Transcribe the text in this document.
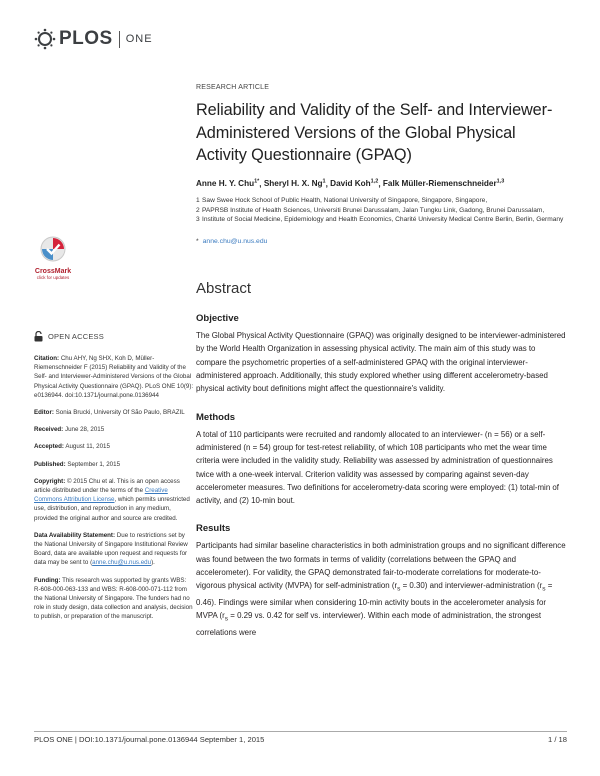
PLOS ONE
CrossMark
click for updates
OPEN ACCESS
Citation: Chu AHY, Ng SHX, Koh D, Müller-Riemenschneider F (2015) Reliability and Validity of the Self- and Interviewer-Administered Versions of the Global Physical Activity Questionnaire (GPAQ). PLoS ONE 10(9): e0136944. doi:10.1371/journal.pone.0136944
Editor: Sonia Brucki, University Of São Paulo, BRAZIL
Received: June 28, 2015
Accepted: August 11, 2015
Published: September 1, 2015
Copyright: © 2015 Chu et al. This is an open access article distributed under the terms of the Creative Commons Attribution License, which permits unrestricted use, distribution, and reproduction in any medium, provided the original author and source are credited.
Data Availability Statement: Due to restrictions set by the National University of Singapore Institutional Review Board, data are available upon request and requests for data may be sent to (anne.chu@u.nus.edu).
Funding: This research was supported by grants WBS: R-608-000-063-133 and WBS: R-608-000-071-112 from the National University of Singapore. The funders had no role in study design, data collection and analysis, decision to publish, or preparation of the manuscript.
RESEARCH ARTICLE
Reliability and Validity of the Self- and Interviewer-Administered Versions of the Global Physical Activity Questionnaire (GPAQ)
Anne H. Y. Chu$^{1*}$, Sheryl H. X. Ng$^1$, David Koh$^{1,2}$, Falk Müller-Riemenschneider$^{1,3}$
1 Saw Swee Hock School of Public Health, National University of Singapore, Singapore, Singapore,
2 PAPRSB Institute of Health Sciences, Universiti Brunei Darussalam, Jalan Tungku Link, Gadong, Brunei Darussalam,
3 Institute of Social Medicine, Epidemiology and Health Economics, Charité University Medical Centre Berlin, Berlin, Germany
* anne.chu@u.nus.edu
Abstract
Objective
The Global Physical Activity Questionnaire (GPAQ) was originally designed to be interviewer-administered by the World Health Organization in assessing physical activity. The main aim of this study was to compare the psychometric properties of a self-administered GPAQ with the original interviewer-administered approach. Additionally, this study explored whether using different accelerometry-based physical activity bout definitions might affect the questionnaire's validity.
Methods
A total of 110 participants were recruited and randomly allocated to an interviewer- (n = 56) or a self-administered (n = 54) group for test-retest reliability, of which 108 participants who met the wear time criteria were included in the validity study. Reliability was assessed by administration of questionnaires twice with a one-week interval. Criterion validity was assessed by comparing against seven-day accelerometer measures. Two definitions for accelerometry-data scoring were employed: (1) total-min of activity, and (2) 10-min bout.
Results
Participants had similar baseline characteristics in both administration groups and no significant difference was found between the two formats in terms of validity (correlations between the GPAQ and accelerometer). For validity, the GPAQ demonstrated fair-to-moderate correlations for moderate-to-vigorous physical activity (MVPA) for self-administration $(r_s = 0.30)$ and interviewer-administration $(r_s = 0.46)$. Findings were similar when considering 10-min activity bouts in the accelerometer analysis for MVPA ($r_s = 0.29$ vs. 0.42 for self vs. interviewer). Within each mode of administration, the strongest correlations were
PLOS ONE | DOI:10.1371/journal.pone.0136944 September 1, 2015	1 / 18
